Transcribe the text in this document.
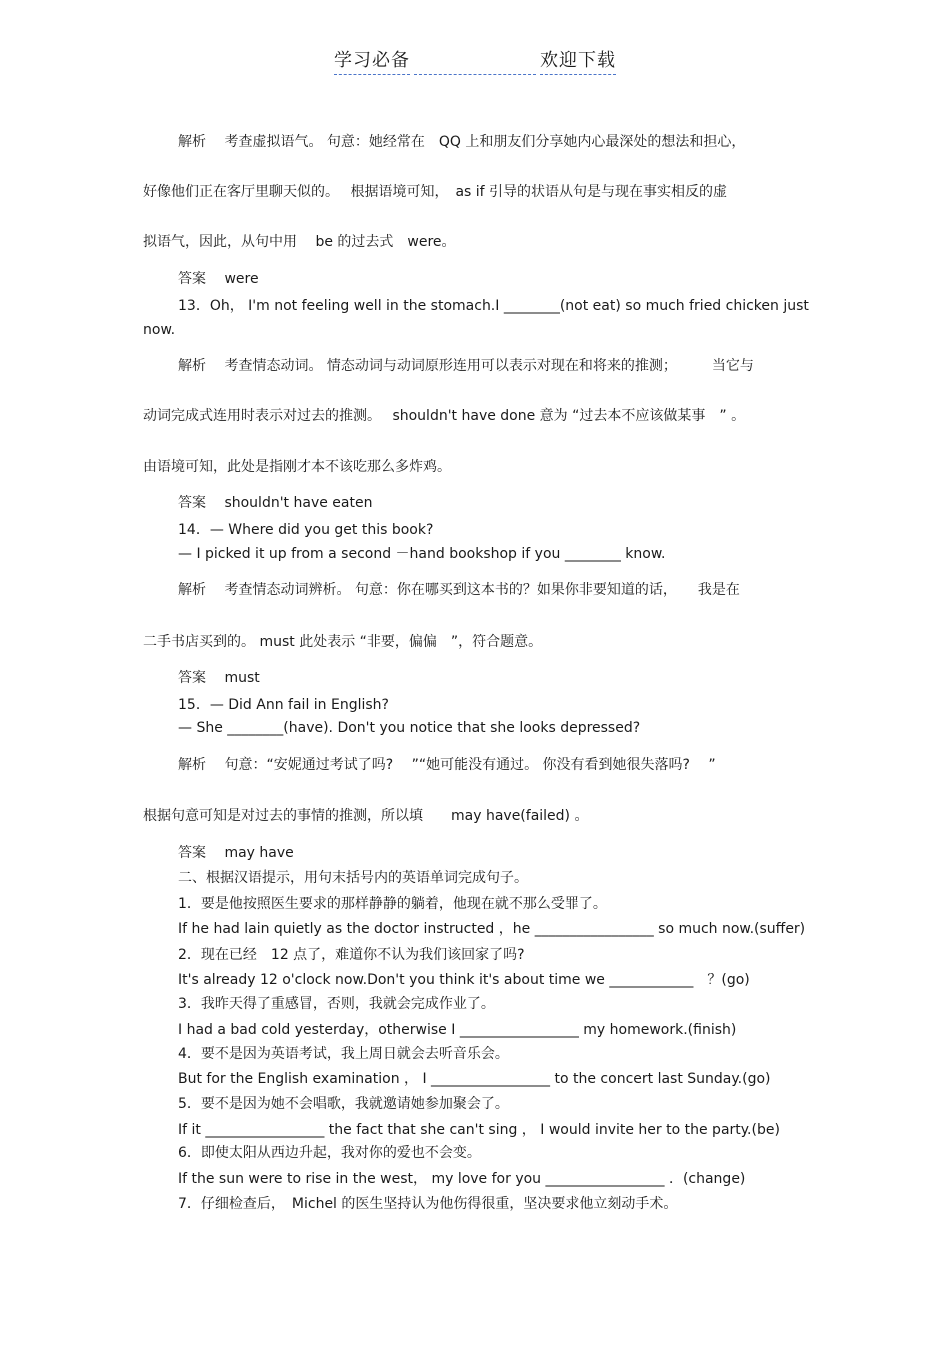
学习必备	欢迎下载
解析　 考查虚拟语气。 句意：她经常在　QQ 上和朋友们分享她内心最深处的想法和担心，
好像他们正在客厅里聊天似的。　 根据语境可知，　as if 引导的状语从句是与现在事实相反的虚
拟语气，因此，从句中用　 be 的过去式　were。
答案　 were
13．Oh， I'm not feeling well in the stomach.I ________(not eat) so much fried chicken just
now.
解析　 考查情态动词。 情态动词与动词原形连用可以表示对现在和将来的推测；　　　当它与
动词完成式连用时表示对过去的推测。　 shouldn't have done 意为 “过去本不应该做某事　” 。
由语境可知，此处是指刚才本不该吃那么多炸鸡。
答案　 shouldn't have eaten
14．— Where did you get this book?
— I picked it up from a second －hand bookshop if you ________ know.
解析　 考查情态动词辨析。 句意：你在哪买到这本书的？如果你非要知道的话，　　我是在
二手书店买到的。 must 此处表示 “非要，偏偏　”，符合题意。
答案　 must
15．— Did Ann fail in English?
— She ________(have). Don't you notice that she looks depressed?
解析　 句意：“安妮通过考试了吗?　 ”“她可能没有通过。 你没有看到她很失落吗?　 ”
根据句意可知是对过去的事情的推测，所以填　　may have(failed) 。
答案　 may have
二、根据汉语提示，用句末括号内的英语单词完成句子。
1．要是他按照医生要求的那样静静的躺着，他现在就不那么受罪了。
If he had lain quietly as the doctor instructed ，he _________________ so much now.(suffer)
2．现在已经　12 点了，难道你不认为我们该回家了吗?
It's already 12 o'clock now.Don't you think it's about time we ____________　？(go)
3．我昨天得了重感冒，否则，我就会完成作业了。
I had a bad cold yesterday，otherwise I _________________ my homework.(finish)
4．要不是因为英语考试，我上周日就会去听音乐会。
But for the English examination ， I _________________ to the concert last Sunday.(go)
5．要不是因为她不会唱歌，我就邀请她参加聚会了。
If it _________________ the fact that she can't sing ， I would invite her to the party.(be)
6．即使太阳从西边升起，我对你的爱也不会变。
If the sun were to rise in the west， my love for you _________________ ．(change)
7．仔细检查后，　Michel 的医生坚持认为他伤得很重，坚决要求他立刻动手术。
